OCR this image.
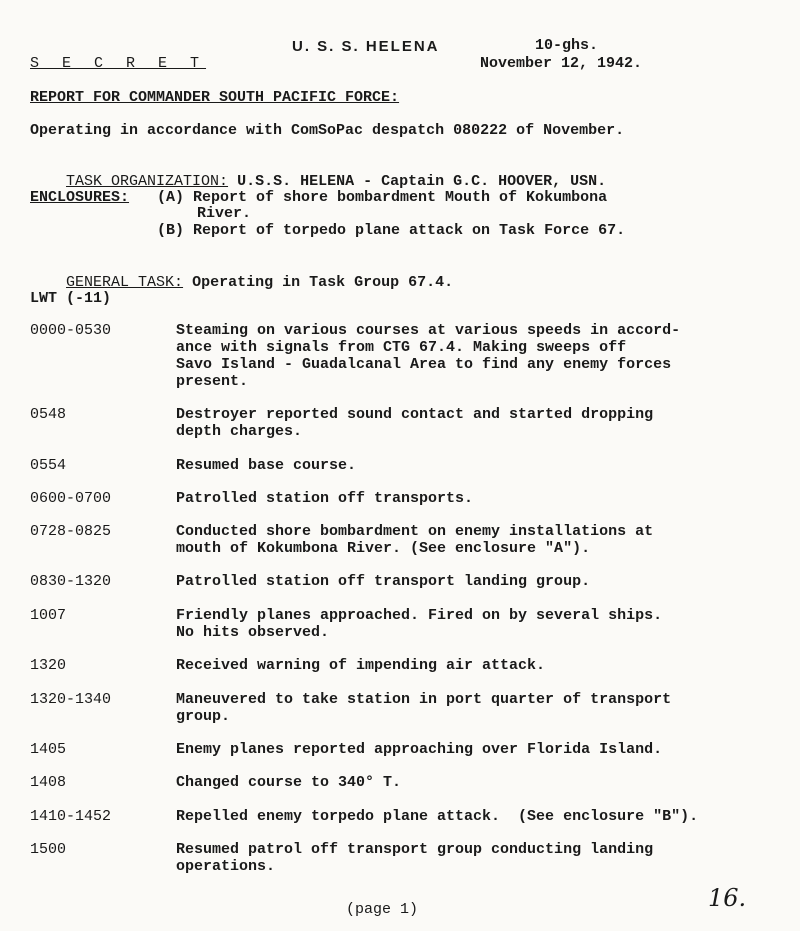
U. S. S. HELENA	10-ghs.
S E C R E T	November 12, 1942.
REPORT FOR COMMANDER SOUTH PACIFIC FORCE:
Operating in accordance with ComSoPac despatch 080222 of November.

TASK ORGANIZATION: U.S.S. HELENA - Captain G.C. HOOVER, USN.

ENCLOSURES: (A) Report of shore bombardment Mouth of Kokumbona
River.
(B) Report of torpedo plane attack on Task Force 67.

GENERAL TASK: Operating in Task Group 67.4.

LWT (-11)
0000-0530	Steaming on various courses at various speeds in accord-
ance with signals from CTG 67.4. Making sweeps off
Savo Island - Guadalcanal Area to find any enemy forces
present.
0548	Destroyer reported sound contact and started dropping
depth charges.
0554	Resumed base course.
0600-0700	Patrolled station off transports.
0728-0825	Conducted shore bombardment on enemy installations at
mouth of Kokumbona River. (See enclosure "A").
0830-1320	Patrolled station off transport landing group.
1007	Friendly planes approached. Fired on by several ships.
No hits observed.
1320	Received warning of impending air attack.
1320-1340	Maneuvered to take station in port quarter of transport
group.
1405	Enemy planes reported approaching over Florida Island.
1408	Changed course to 340° T.
1410-1452	Repelled enemy torpedo plane attack.  (See enclosure "B").
1500	Resumed patrol off transport group conducting landing
operations.
(page 1)	16.
